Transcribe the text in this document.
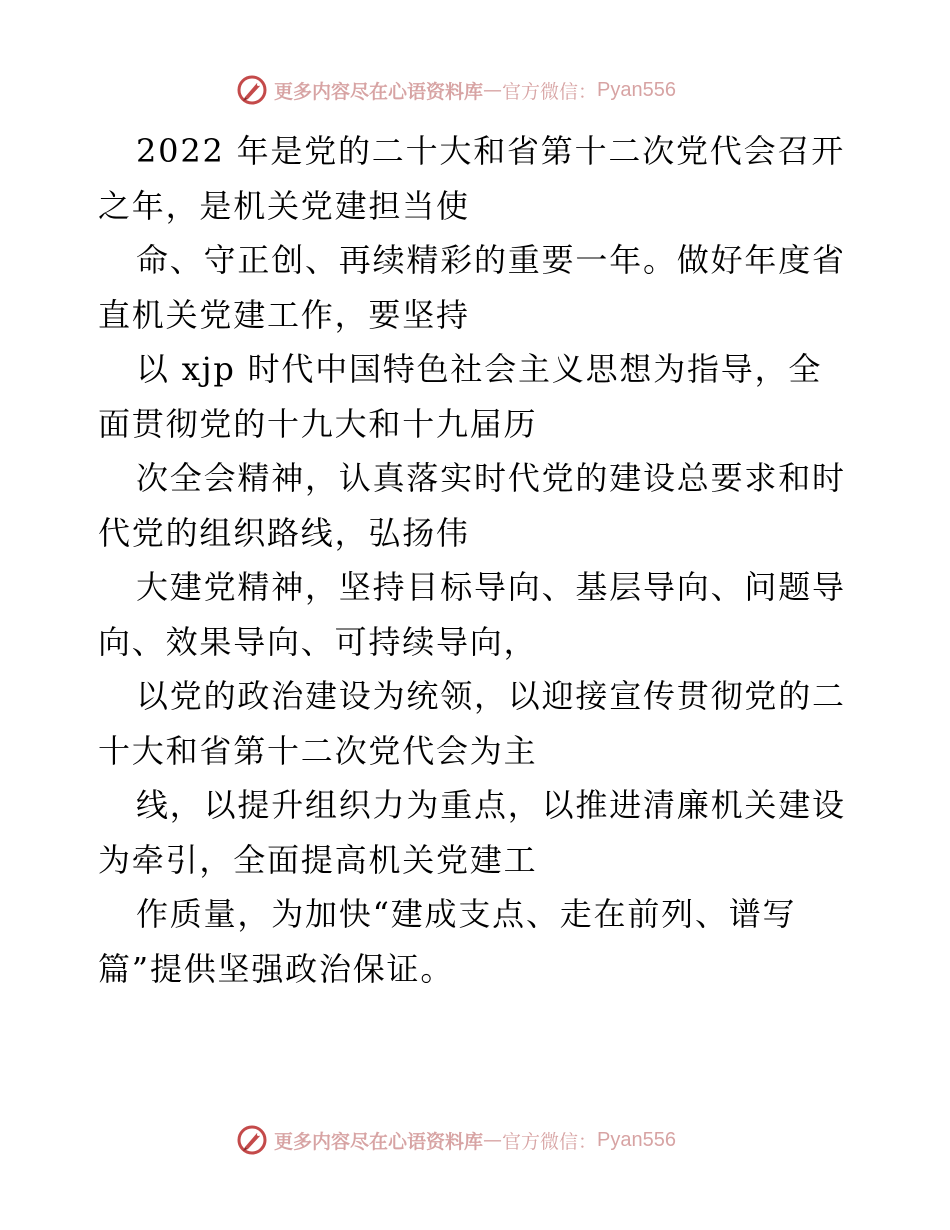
更多内容尽在心语资料库 — 官方微信： Pyan556
2022 年是党的二十大和省第十二次党代会召开
之年，是机关党建担当使
命、守正创、再续精彩的重要一年。做好年度省
直机关党建工作，要坚持
以 xjp 时代中国特色社会主义思想为指导，全
面贯彻党的十九大和十九届历
次全会精神，认真落实时代党的建设总要求和时
代党的组织路线，弘扬伟
大建党精神，坚持目标导向、基层导向、问题导
向、效果导向、可持续导向，
以党的政治建设为统领，以迎接宣传贯彻党的二
十大和省第十二次党代会为主
线，以提升组织力为重点，以推进清廉机关建设
为牵引，全面提高机关党建工
作质量，为加快“建成支点、走在前列、谱写
篇”提供坚强政治保证。
更多内容尽在心语资料库 — 官方微信： Pyan556
